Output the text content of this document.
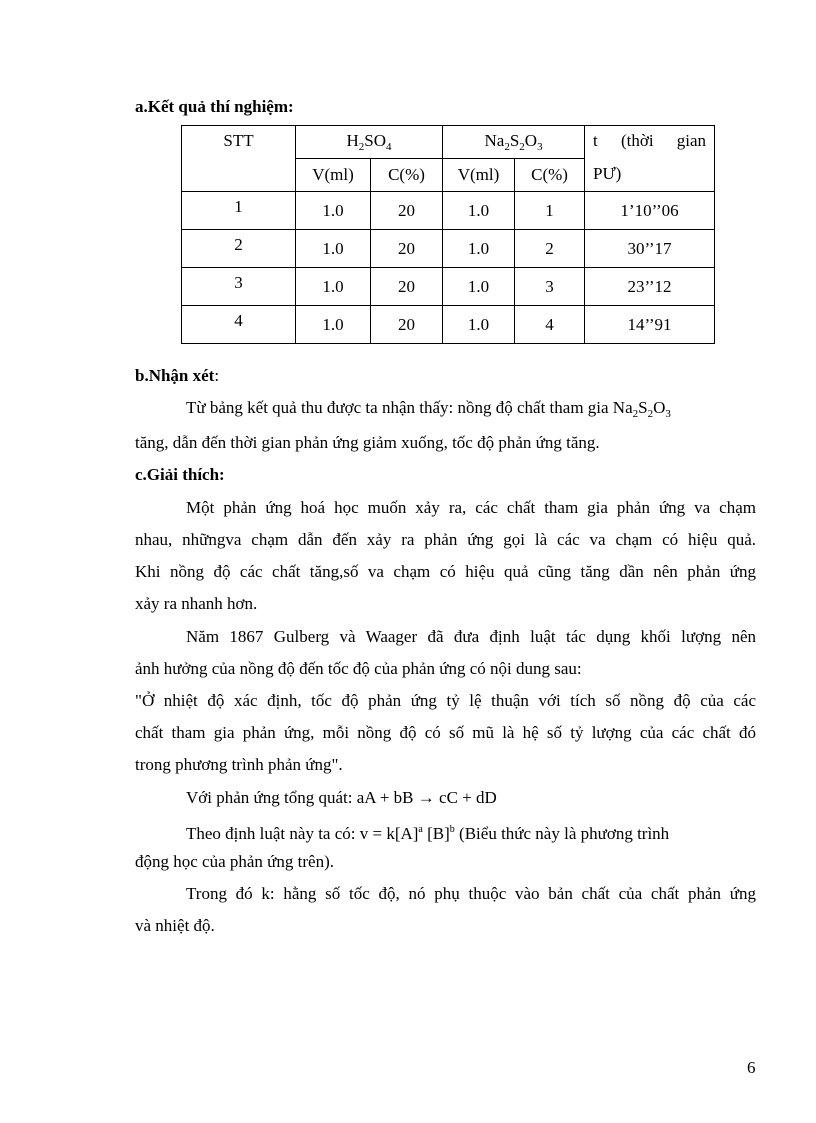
a.Kết quả thí nghiệm:
STT	$H_2SO_4$		$Na_2S_2O_3$		t (thời gian
PƯ)

	V(ml)	C(%)	V(ml)	C(%)	
1	1.0	20	1.0	1	1’10’’06
2	1.0	20	1.0	2	30’’17
3	1.0	20	1.0	3	23’’12
4	1.0	20	1.0	4	14’’91
b.Nhận xét:
Từ bảng kết quả thu được ta nhận thấy: nồng độ chất tham gia $Na_2S_2O_3$
tăng, dẫn đến thời gian phản ứng giảm xuống, tốc độ phản ứng tăng.
c.Giải thích:
Một phản ứng hoá học muốn xảy ra, các chất tham gia phản ứng va chạm
nhau, nhữngva chạm dẫn đến xảy ra phản ứng gọi là các va chạm có hiệu quả.
Khi nồng độ các chất tăng,số va chạm có hiệu quả cũng tăng dần nên phản ứng
xảy ra nhanh hơn.
Năm 1867 Gulberg và Waager đã đưa định luật tác dụng khối lượng nên
ảnh hưởng của nồng độ đến tốc độ của phản ứng có nội dung sau:
"Ở nhiệt độ xác định, tốc độ phản ứng tỷ lệ thuận với tích số nồng độ của các
chất tham gia phản ứng, mỗi nồng độ có số mũ là hệ số tỷ lượng của các chất đó
trong phương trình phản ứng".
Với phản ứng tổng quát: aA + bB → cC + dD
Theo định luật này ta có: $v = k[A]^a$ $[B]^b$ (Biểu thức này là phương trình
động học của phản ứng trên).
Trong đó k: hằng số tốc độ, nó phụ thuộc vào bản chất của chất phản ứng
và nhiệt độ.
6
